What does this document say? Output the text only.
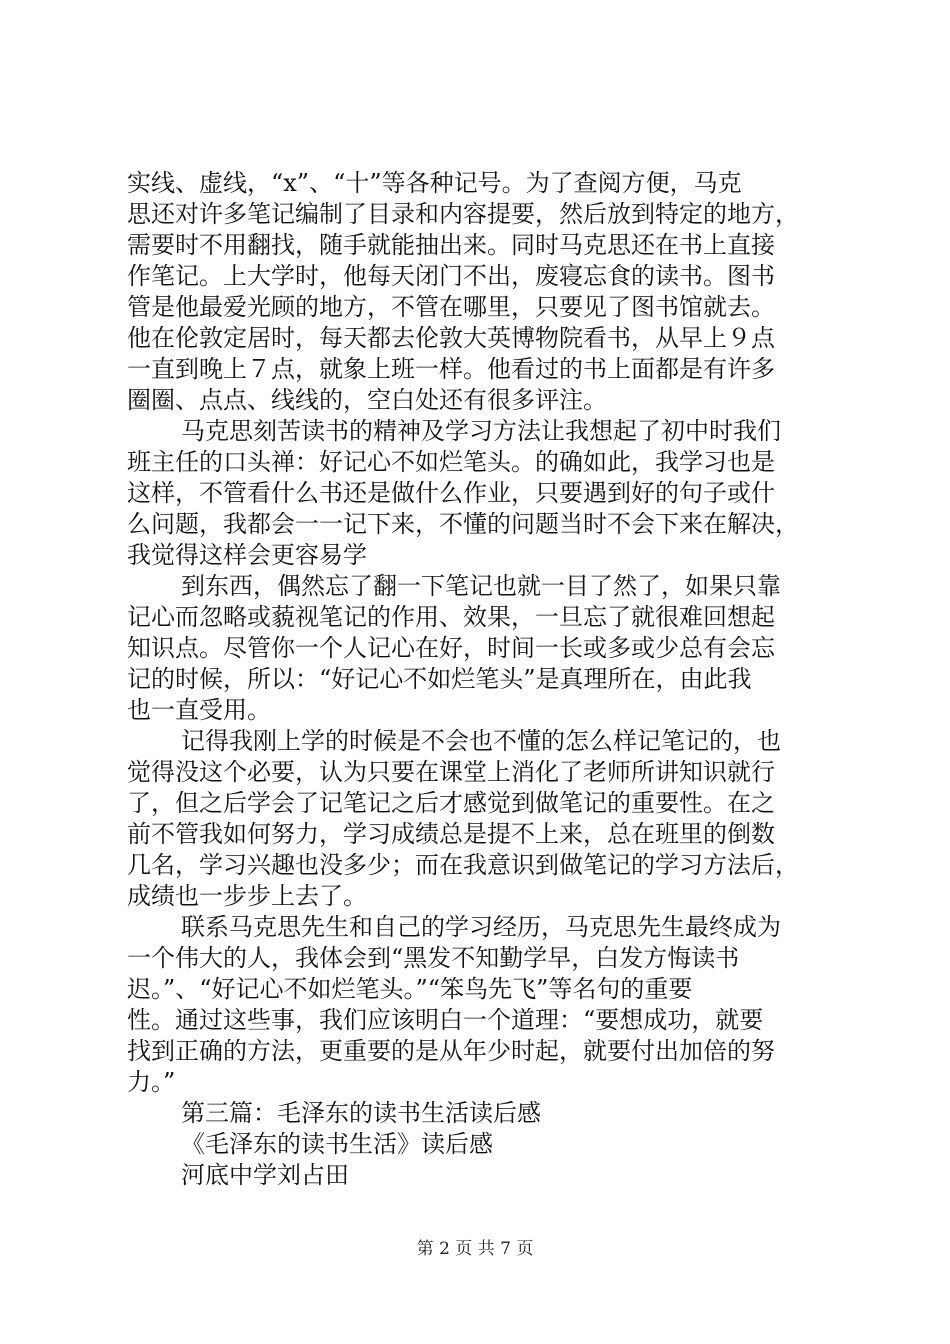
实线、虚线，“x”、“十”等各种记号。为了查阅方便，马克
思还对许多笔记编制了目录和内容提要，然后放到特定的地方，
需要时不用翻找，随手就能抽出来。同时马克思还在书上直接
作笔记。上大学时，他每天闭门不出，废寝忘食的读书。图书
管是他最爱光顾的地方，不管在哪里，只要见了图书馆就去。
他在伦敦定居时，每天都去伦敦大英博物院看书，从早上９点
一直到晚上７点，就象上班一样。他看过的书上面都是有许多
圈圈、点点、线线的，空白处还有很多评注。
马克思刻苦读书的精神及学习方法让我想起了初中时我们
班主任的口头禅：好记心不如烂笔头。的确如此，我学习也是
这样，不管看什么书还是做什么作业，只要遇到好的句子或什
么问题，我都会一一记下来，不懂的问题当时不会下来在解决，
我觉得这样会更容易学
到东西，偶然忘了翻一下笔记也就一目了然了，如果只靠
记心而忽略或藐视笔记的作用、效果，一旦忘了就很难回想起
知识点。尽管你一个人记心在好，时间一长或多或少总有会忘
记的时候，所以：“好记心不如烂笔头”是真理所在，由此我
也一直受用。
记得我刚上学的时候是不会也不懂的怎么样记笔记的，也
觉得没这个必要，认为只要在课堂上消化了老师所讲知识就行
了，但之后学会了记笔记之后才感觉到做笔记的重要性。在之
前不管我如何努力，学习成绩总是提不上来，总在班里的倒数
几名，学习兴趣也没多少；而在我意识到做笔记的学习方法后，
成绩也一步步上去了。
联系马克思先生和自己的学习经历，马克思先生最终成为
一个伟大的人，我体会到“黑发不知勤学早，白发方悔读书
迟。”、“好记心不如烂笔头。”“笨鸟先飞”等名句的重要
性。通过这些事，我们应该明白一个道理：“要想成功，就要
找到正确的方法，更重要的是从年少时起，就要付出加倍的努
力。”
第三篇：毛泽东的读书生活读后感
《毛泽东的读书生活》读后感
河底中学刘占田
第 2 页 共 7 页
